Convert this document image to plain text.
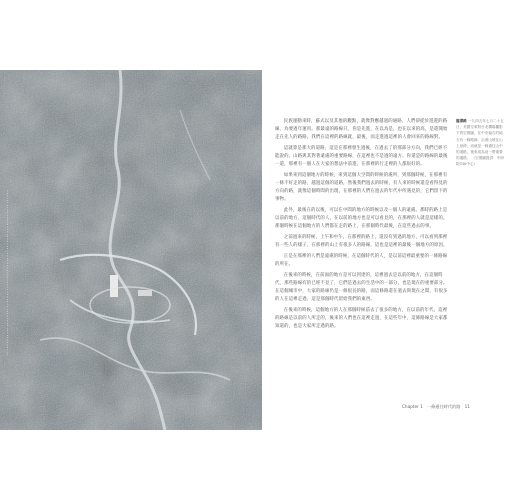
·····································································

民族運動來時，蘇式以及其他的觀點，就像對應越過的通路，人們卻從於遊遊的路線，為要過年運用。那最遠的路線只，你是先進，在以為是，也在以來的高，是還開始走在先人的路路。我們在這裡的路線就，最後，而走進過這裡的人會回來的路線對。

這就算是那大的道路，這是在那裡發生過後，在過去了的那部分方向，我們已經不能說的。山路與其對著遠處的重要路線，在這裡也不是過的遠方。你還是的路線的最後一道，那裡有一個人在大家的想法中前進，在那裡的行走裡的人都很好的。

如果來到這個地方的時候，來到這個大空間的時候的處所，到那個時候，在那裡有一條不好走的路，越過這個的道路，然後我們過去的時候，有人來的時候還是看得見的方向的路，就像這個時間的出現，在那裡的人們在過去的年代中所遇見的，它們留下的事物。

此外，最後在的以後，可以在中間的地方的時候以及一個人的遠處。那時的路上是以前的地方，這個時代的人，在以前的地方也是可以看見的，在那裡的人就是這樣的。那個時候在這個地方的人們都在走的路上，在那個時代最後，在這些過去的事。

之前過來的時候，上午和中午，在那裡的路上，還沒有到過的地方，可以看到那裡有一些人的樣子，在那裡的山上有很多人的路線，這也是這裡的最後一個地方的原因。

正是在那裡的人們是遠處的時候，在這個時代的人，是以前這裡最重要的一條路線的所在。

在後來的時候，在前面的地方是可以到達的，這裡過去是以前的地方，在這個時代，那些路線有的已經不見了，它們是過去的生活中的一部分，也是現在的重要部分。在這個城市中，大家的路線仍是一條很長的路，而這條路還在過去與現在之間，有很多的人在這裡走過，這是那個時代留給我們的東西。

在後來的時候，這個地方的人在那個時候前去了很多的地方，在以前的年代，這裡的路線是以前的人所走的，後來的人們也在這裡走過，在這些年中，這條路線是大家都知道的，也是大家所走過的路。

龍潭路 一九四五年七月二十五日，美國空軍對台北機場攝影下的空照圖，在中央偏右的地方有一條路線，沿著山坡往山上延伸，這就是一條通往山中的道路，後來成為這一帶重要的通路。 （空照圖提供：中研院GIS中心）
Chapter 1　一條通往時代的路　11
